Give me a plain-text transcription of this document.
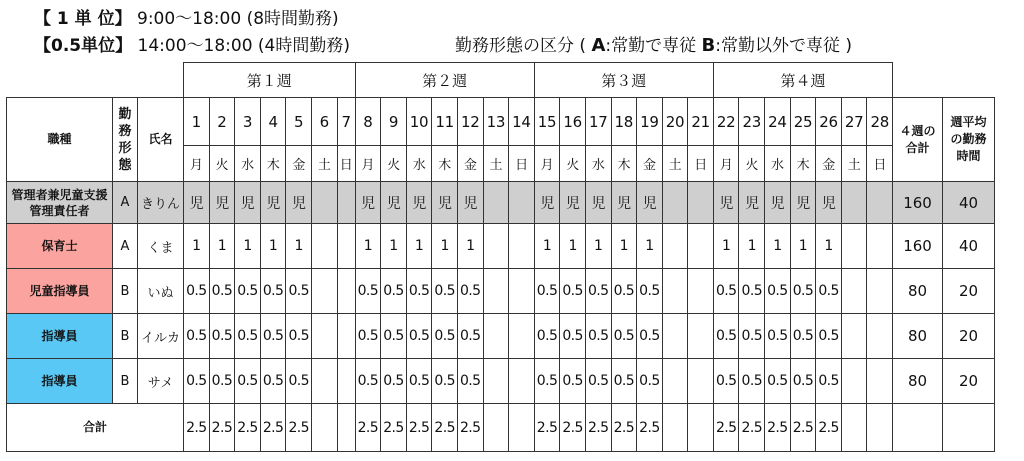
【 1 単 位】 9:00〜18:00 (8時間勤務)
【0.5単位】 14:00〜18:00 (4時間勤務)	勤務形態の区分 ( A:常勤で専従 B:常勤以外で専従 )
			第１週							第２週							第３週							第４週								
職種	勤務形態	氏名	1	2	3	4	5	6	7	8	9	10	11	12	13	14	15	16	17	18	19	20	21	22	23	24	25	26	27	28	４週の合計	週平均の勤務時間
			月	火	水	木	金	土	日	月	火	水	木	金	土	日	月	火	水	木	金	土	日	月	火	水	木	金	土	日		
管理者兼児童支援管理責任者	A	きりん	児	児	児	児	児			児	児	児	児	児			児	児	児	児	児			児	児	児	児	児			160	40
保育士	A	くま	1	1	1	1	1			1	1	1	1	1			1	1	1	1	1			1	1	1	1	1			160	40
児童指導員	B	いぬ	0.5	0.5	0.5	0.5	0.5			0.5	0.5	0.5	0.5	0.5			0.5	0.5	0.5	0.5	0.5			0.5	0.5	0.5	0.5	0.5			80	20
指導員	B	イルカ	0.5	0.5	0.5	0.5	0.5			0.5	0.5	0.5	0.5	0.5			0.5	0.5	0.5	0.5	0.5			0.5	0.5	0.5	0.5	0.5			80	20
指導員	B	サメ	0.5	0.5	0.5	0.5	0.5			0.5	0.5	0.5	0.5	0.5			0.5	0.5	0.5	0.5	0.5			0.5	0.5	0.5	0.5	0.5			80	20
合計			2.5	2.5	2.5	2.5	2.5			2.5	2.5	2.5	2.5	2.5			2.5	2.5	2.5	2.5	2.5			2.5	2.5	2.5	2.5	2.5				
